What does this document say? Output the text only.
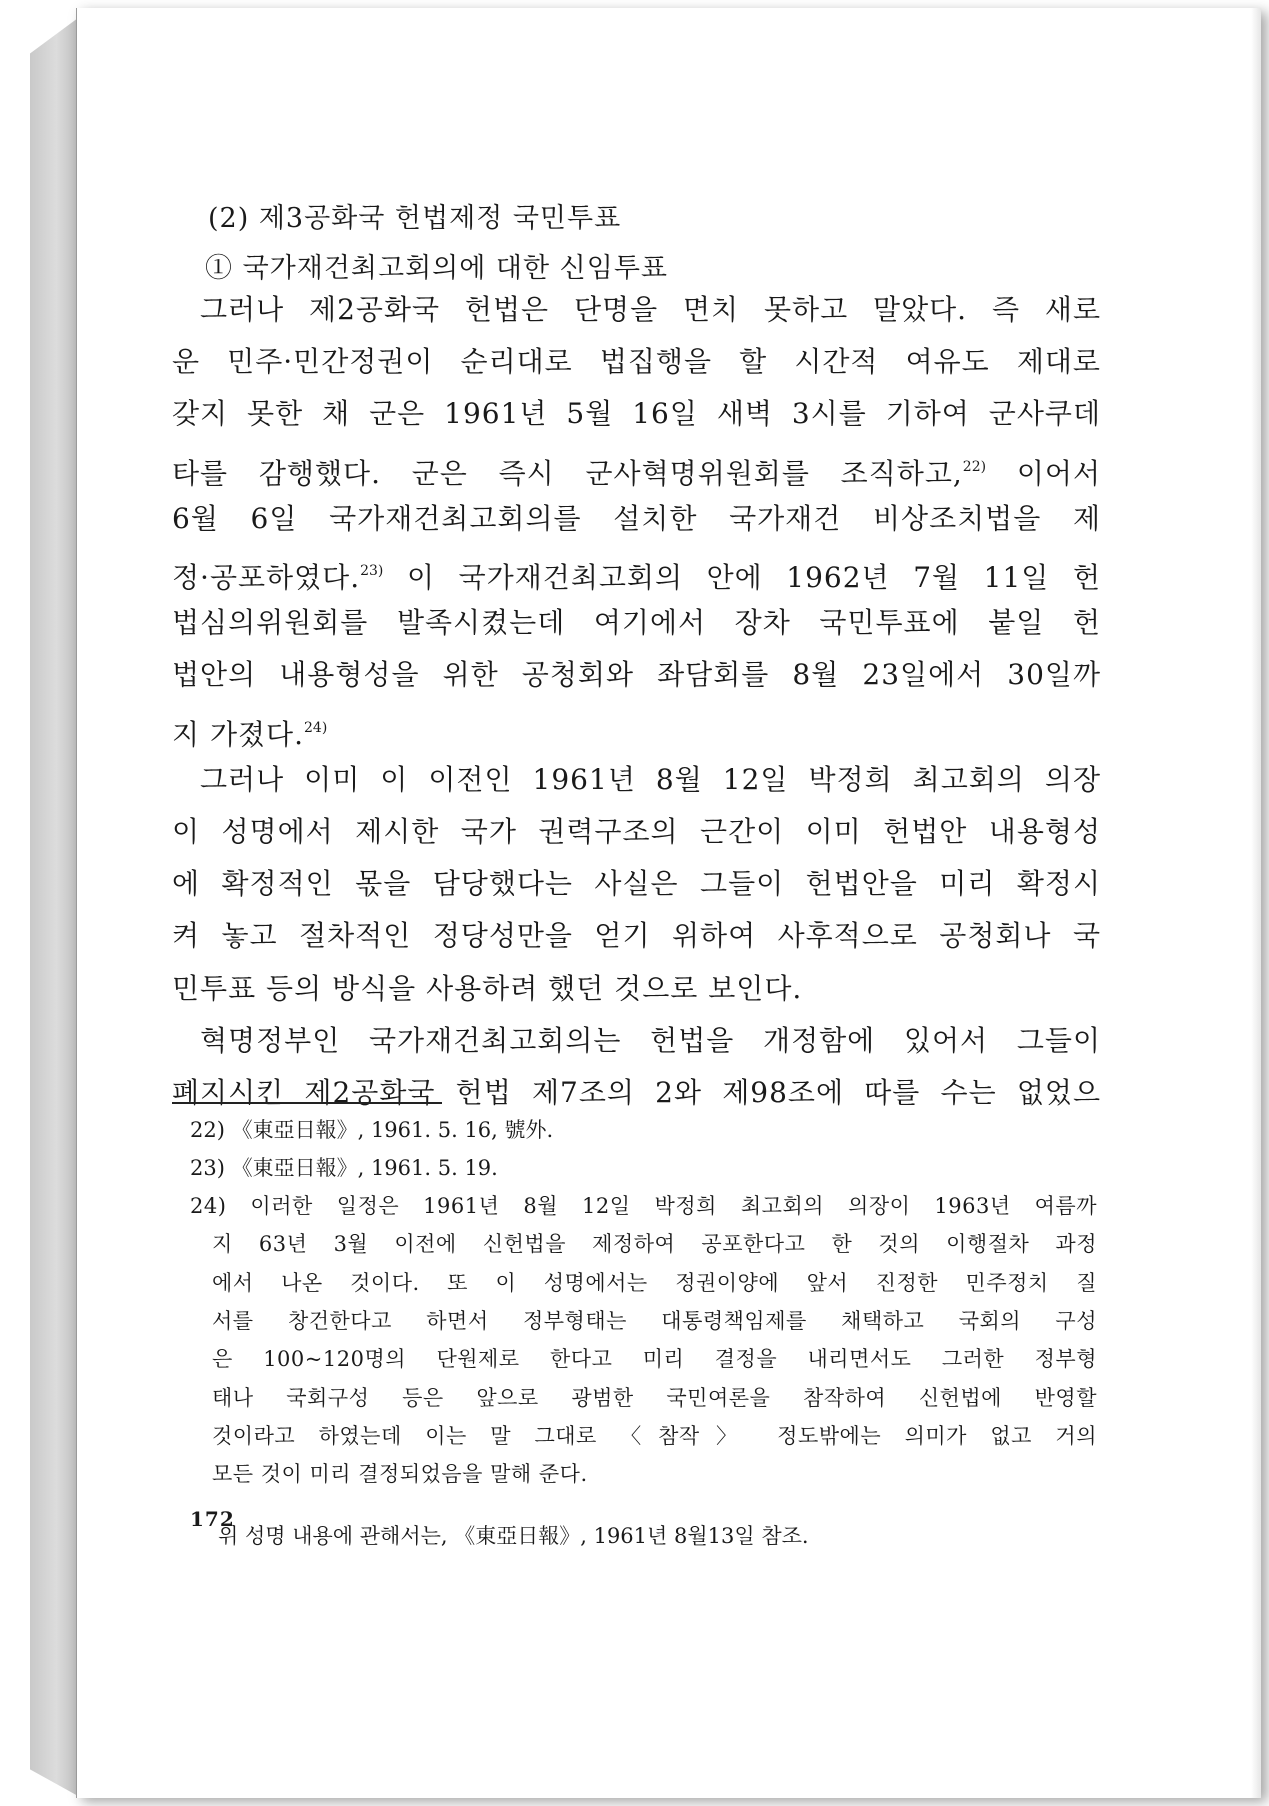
(2) 제3공화국 헌법제정 국민투표
① 국가재건최고회의에 대한 신임투표
그러나 제2공화국 헌법은 단명을 면치 못하고 말았다. 즉 새로
운 민주·민간정권이 순리대로 법집행을 할 시간적 여유도 제대로
갖지 못한 채 군은 1961년 5월 16일 새벽 3시를 기하여 군사쿠데
타를 감행했다. 군은 즉시 군사혁명위원회를 조직하고,$^{22)}$ 이어서
6월 6일 국가재건최고회의를 설치한 국가재건 비상조치법을 제
정·공포하였다.$^{23)}$ 이 국가재건최고회의 안에 1962년 7월 11일 헌
법심의위원회를 발족시켰는데 여기에서 장차 국민투표에 붙일 헌
법안의 내용형성을 위한 공청회와 좌담회를 8월 23일에서 30일까
지 가졌다.$^{24)}$
그러나 이미 이 이전인 1961년 8월 12일 박정희 최고회의 의장
이 성명에서 제시한 국가 권력구조의 근간이 이미 헌법안 내용형성
에 확정적인 몫을 담당했다는 사실은 그들이 헌법안을 미리 확정시
켜 놓고 절차적인 정당성만을 얻기 위하여 사후적으로 공청회나 국
민투표 등의 방식을 사용하려 했던 것으로 보인다.
혁명정부인 국가재건최고회의는 헌법을 개정함에 있어서 그들이
폐지시킨 제2공화국 헌법 제7조의 2와 제98조에 따를 수는 없었으
22) 《東亞日報》, 1961. 5. 16, 號外.
23) 《東亞日報》, 1961. 5. 19.
24) 이러한 일정은 1961년 8월 12일 박정희 최고회의 의장이 1963년 여름까
지 63년 3월 이전에 신헌법을 제정하여 공포한다고 한 것의 이행절차 과정
에서 나온 것이다. 또 이 성명에서는 정권이양에 앞서 진정한 민주정치 질
서를 창건한다고 하면서 정부형태는 대통령책임제를 채택하고 국회의 구성
은 100~120명의 단원제로 한다고 미리 결정을 내리면서도 그러한 정부형
태나 국회구성 등은 앞으로 광범한 국민여론을 참작하여 신헌법에 반영할
것이라고 하였는데 이는 말 그대로 〈참작〉 정도밖에는 의미가 없고 거의
모든 것이 미리 결정되었음을 말해 준다.
위 성명 내용에 관해서는, 《東亞日報》, 1961년 8월13일 참조.
172
